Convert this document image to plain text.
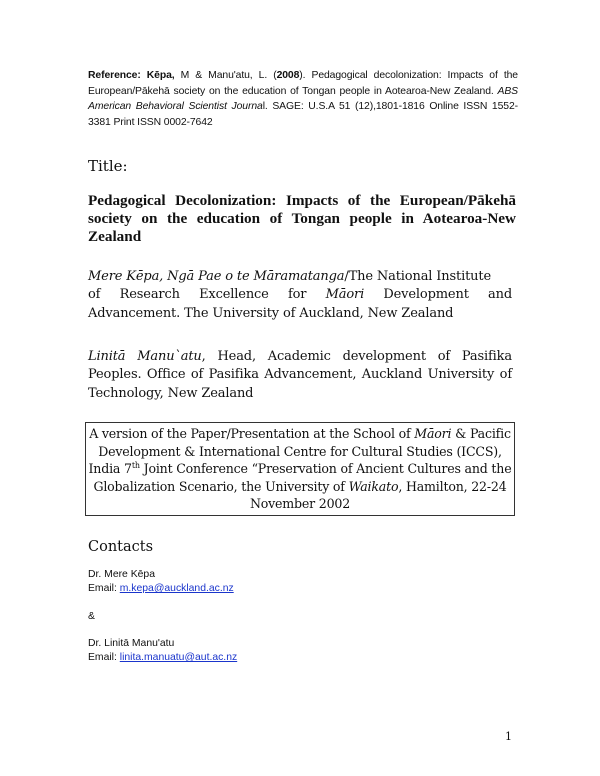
Reference: Kēpa, M & Manu'atu, L. (2008). Pedagogical decolonization: Impacts of the European/Pākehā society on the education of Tongan people in Aotearoa-New Zealand. ABS American Behavioral Scientist Journal. SAGE: U.S.A 51 (12),1801-1816 Online ISSN 1552-3381 Print ISSN 0002-7642
Title:
Pedagogical Decolonization: Impacts of the European/Pākehā society on the education of Tongan people in Aotearoa-New Zealand
Mere Kēpa, Ngā Pae o te Māramatanga/The National Institute
of Research Excellence for Māori Development and
Advancement. The University of Auckland, New Zealand
Linitā Manu`atu, Head, Academic development of Pasifika Peoples. Office of Pasifika Advancement, Auckland University of Technology, New Zealand
A version of the Paper/Presentation at the School of Māori & Pacific Development & International Centre for Cultural Studies (ICCS), India 7th Joint Conference “Preservation of Ancient Cultures and the Globalization Scenario, the University of Waikato, Hamilton, 22-24 November 2002
Contacts
Dr. Mere Kēpa
Email: m.kepa@auckland.ac.nz
&
Dr. Linitā Manu'atu
Email: linita.manuatu@aut.ac.nz
1
